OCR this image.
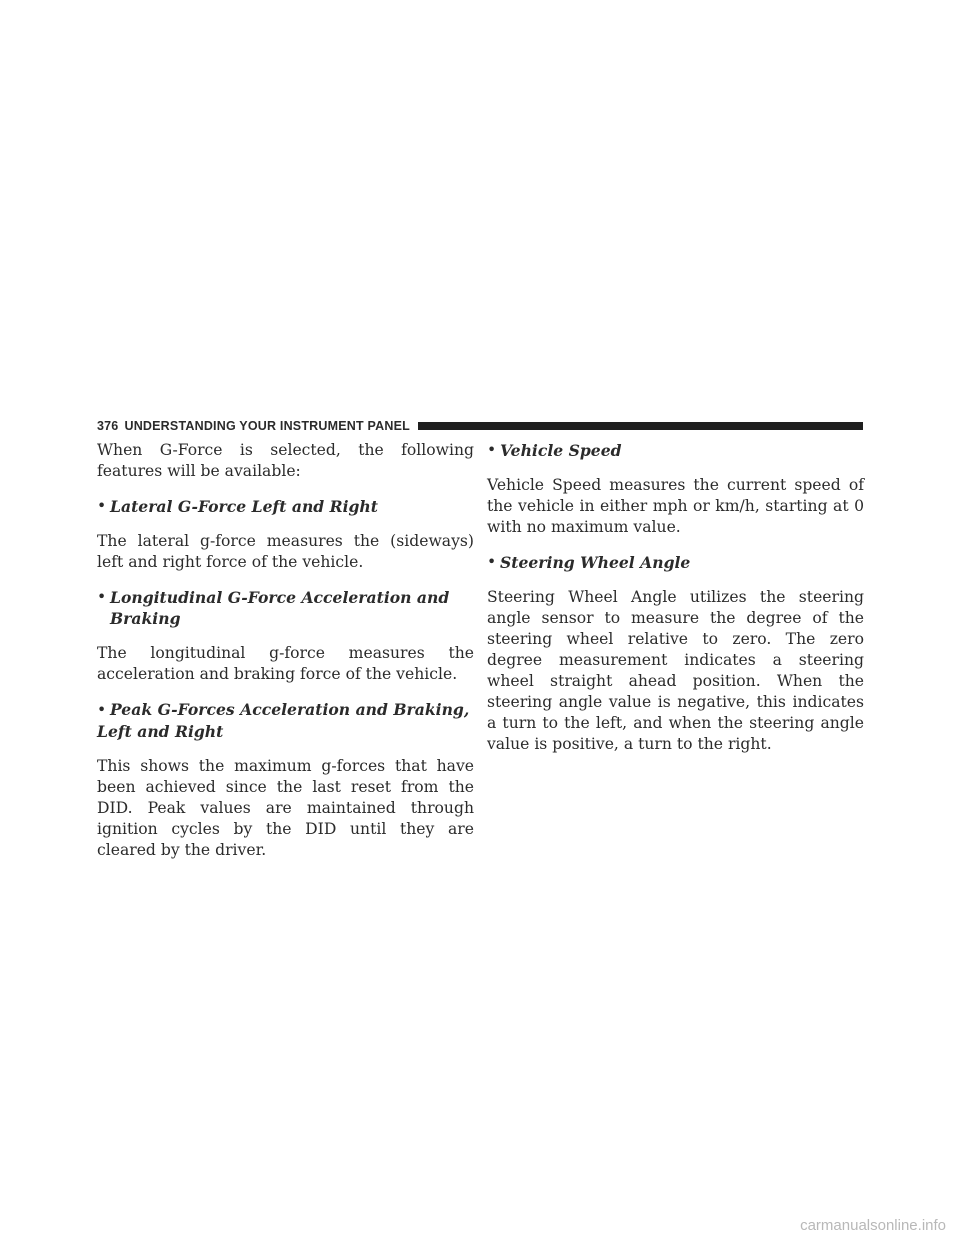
376 UNDERSTANDING YOUR INSTRUMENT PANEL

When G-Force is selected, the following features will be available:

• Lateral G-Force Left and Right

The lateral g-force measures the (sideways) left and right force of the vehicle.

• Longitudinal G-Force Acceleration and Braking

The longitudinal g-force measures the acceleration and braking force of the vehicle.

• Peak G-Forces Acceleration and Braking, Left and Right

This shows the maximum g-forces that have been achieved since the last reset from the DID. Peak values are maintained through ignition cycles by the DID until they are cleared by the driver.

• Vehicle Speed

Vehicle Speed measures the current speed of the vehicle in either mph or km/h, starting at 0 with no maximum value.

• Steering Wheel Angle

Steering Wheel Angle utilizes the steering angle sensor to measure the degree of the steering wheel relative to zero. The zero degree measurement indicates a steering wheel straight ahead position. When the steering angle value is negative, this indicates a turn to the left, and when the steering angle value is positive, a turn to the right.

carmanualsonline.info
